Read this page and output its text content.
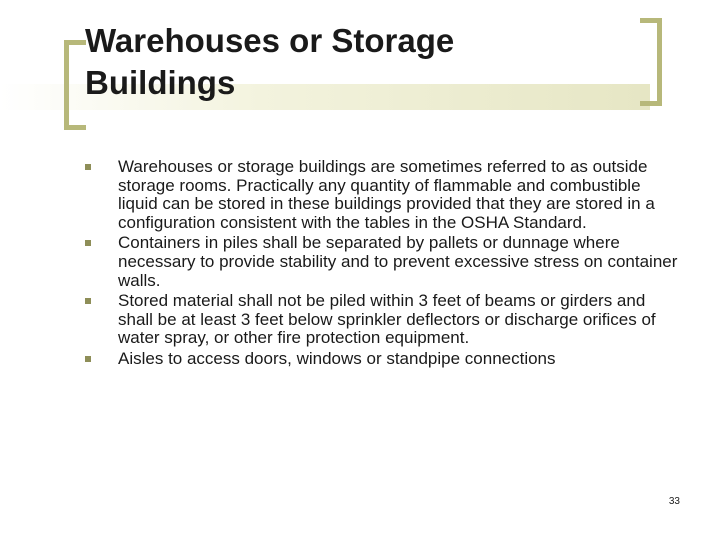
Warehouses or Storage
Buildings
Warehouses or storage buildings are sometimes referred to as outside storage rooms. Practically any quantity of flammable and combustible liquid can be stored in these buildings provided that they are stored in a configuration consistent with the tables in the OSHA Standard.
Containers in piles shall be separated by pallets or dunnage where necessary to provide stability and to prevent excessive stress on container walls.
Stored material shall not be piled within 3 feet of beams or girders and shall be at least 3 feet below sprinkler deflectors or discharge orifices of water spray, or other fire protection equipment.
Aisles to access doors, windows or standpipe connections
33
